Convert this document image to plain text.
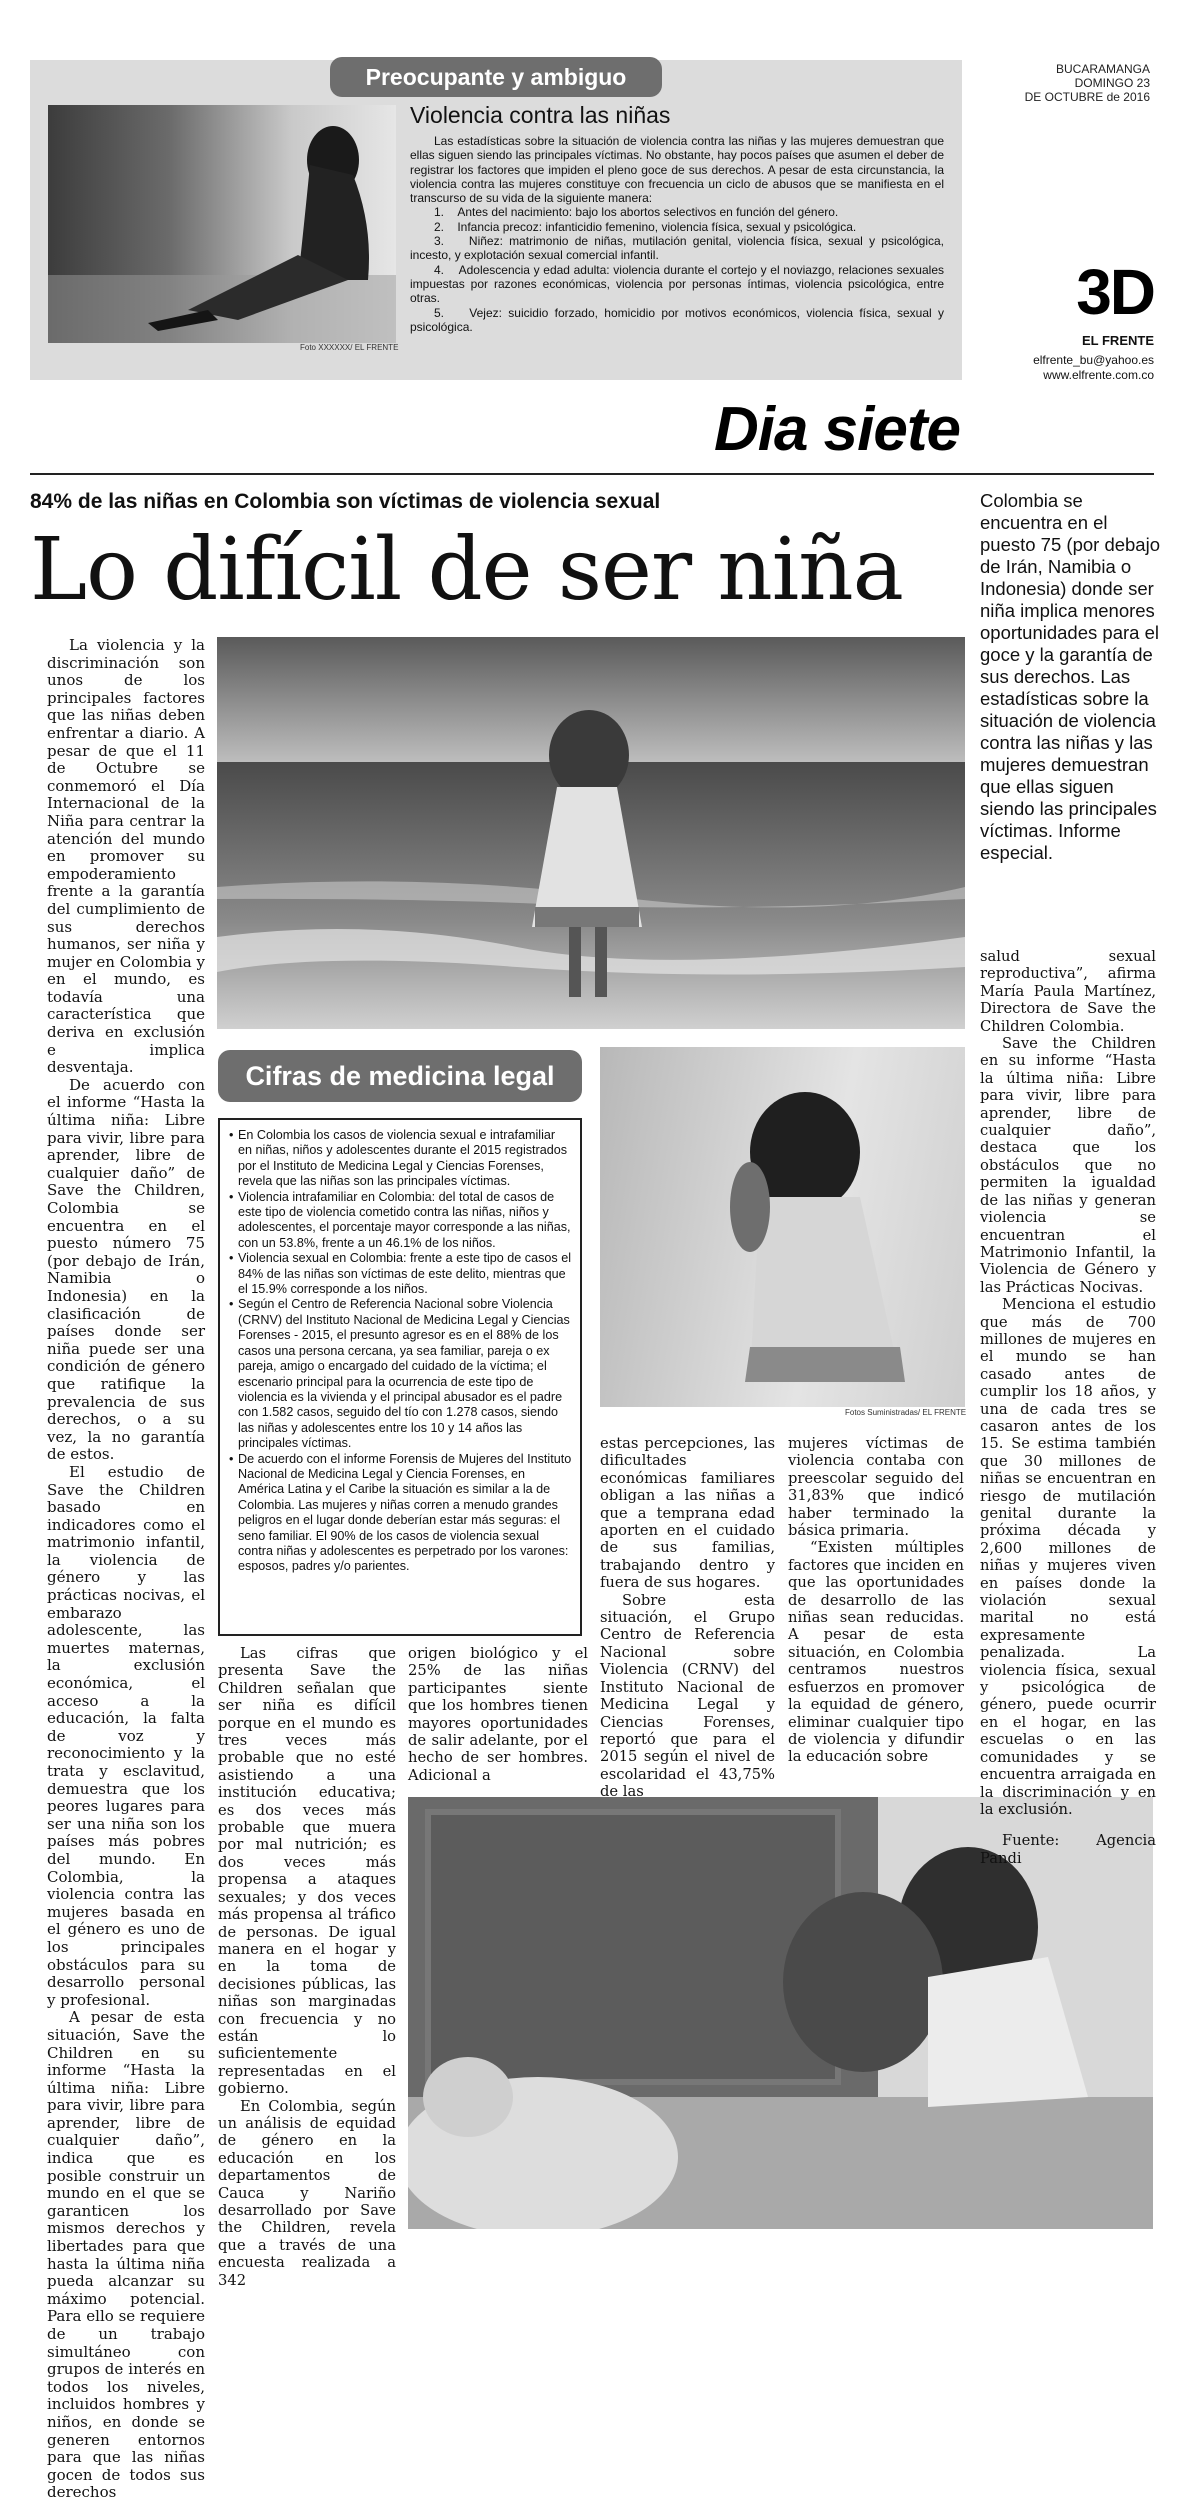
Preocupante y ambiguo
Foto XXXXXX/ EL FRENTE
Violencia contra las niñas
Las estadísticas sobre la situación de violencia contra las niñas y las mujeres demuestran que ellas siguen siendo las principales víctimas. No obstante, hay pocos países que asumen el deber de registrar los factores que impiden el pleno goce de sus derechos. A pesar de esta circunstancia, la violencia contra las mujeres constituye con frecuencia un ciclo de abusos que se manifiesta en el transcurso de su vida de la siguiente manera:
1.    Antes del nacimiento: bajo los abortos selectivos en función del género.
2.    Infancia precoz: infanticidio femenino, violencia física, sexual y psicológica.
3.    Niñez: matrimonio de niñas, mutilación genital, violencia física, sexual y psicológica, incesto, y explotación sexual comercial infantil.
4.    Adolescencia y edad adulta: violencia durante el cortejo y el noviazgo, relaciones sexuales impuestas por razones económicas, violencia por personas íntimas, violencia psicológica, entre otras.
5.    Vejez: suicidio forzado, homicidio por motivos económicos, violencia física, sexual y psicológica.
BUCARAMANGA
DOMINGO 23
DE OCTUBRE de 2016
3D
EL FRENTE
elfrente_bu@yahoo.es
www.elfrente.com.co
Dia siete
84% de las niñas en Colombia son víctimas de violencia sexual
Lo difícil de ser niña
Colombia se encuentra en el puesto 75 (por debajo de Irán, Namibia o Indonesia) donde ser niña implica menores oportunidades para el goce y la garantía de sus derechos. Las estadísticas sobre la situación de violencia contra las niñas y las mujeres demuestran que ellas siguen siendo las principales víctimas. Informe especial.
Fotos Suministradas/ EL FRENTE

La violencia y la discriminación son unos de los principales factores que las niñas deben enfrentar a diario. A pesar de que el 11 de Octubre se conmemoró el Día Internacional de la Niña para centrar la atención del mundo en promover su empoderamiento frente a la garantía del cumplimiento de sus derechos humanos, ser niña y mujer en Colombia y en el mundo, es todavía una característica que deriva en exclusión e implica desventaja.

De acuerdo con el informe “Hasta la última niña: Libre para vivir, libre para aprender, libre de cualquier daño” de Save the Children, Colombia se encuentra en el puesto número 75 (por debajo de Irán, Namibia o Indonesia) en la clasificación de países donde ser niña puede ser una condición de género que ratifique la prevalencia de sus derechos, o a su vez, la no garantía de estos.

El estudio de Save the Children basado en indicadores como el matrimonio infantil, la violencia de género y las prácticas nocivas, el embarazo adolescente, las muertes maternas, la exclusión económica, el acceso a la educación, la falta de voz y reconocimiento y la trata y esclavitud, demuestra que los peores lugares para ser una niña son los países más pobres del mundo. En Colombia, la violencia contra las mujeres basada en el género es uno de los principales obstáculos para su desarrollo personal y profesional.

A pesar de esta situación, Save the Children en su informe “Hasta la última niña: Libre para vivir, libre para aprender, libre de cualquier daño”, indica que es posible construir un mundo en el que se garanticen los mismos derechos y libertades para que hasta la última niña pueda alcanzar su máximo potencial. Para ello se requiere de un trabajo simultáneo con grupos de interés en todos los niveles, incluidos hombres y niños, en donde se generen entornos para que las niñas gocen de todos sus derechos

Cifras de medicina legal
• En Colombia los casos de violencia sexual e intrafamiliar en niñas, niños y adolescentes durante el 2015 registrados por el Instituto de Medicina Legal y Ciencias Forenses, revela que las niñas son las principales víctimas.
• Violencia intrafamiliar en Colombia: del total de casos de este tipo de violencia cometido contra las niñas, niños y adolescentes, el porcentaje mayor corresponde a las niñas, con un 53.8%, frente a un 46.1% de los niños.
• Violencia sexual en Colombia: frente a este tipo de casos el 84% de las niñas son víctimas de este delito, mientras que el 15.9% corresponde a los niños.
• Según el Centro de Referencia Nacional sobre Violencia (CRNV) del Instituto Nacional de Medicina Legal y Ciencias Forenses - 2015, el presunto agresor es en el 88% de los casos una persona cercana, ya sea familiar, pareja o ex pareja, amigo o encargado del cuidado de la víctima; el escenario principal para la ocurrencia de este tipo de violencia es la vivienda y el principal abusador es el padre con 1.582 casos, seguido del tío con 1.278 casos, siendo las niñas y adolescentes entre los 10 y 14 años las principales víctimas.
• De acuerdo con el informe Forensis de Mujeres del Instituto Nacional de Medicina Legal y Ciencia Forenses, en América Latina y el Caribe la situación es similar a la de Colombia. Las mujeres y niñas corren a menudo grandes peligros en el lugar donde deberían estar más seguras: el seno familiar. El 90% de los casos de violencia sexual contra niñas y adolescentes es perpetrado por los varones: esposos, padres y/o parientes.

Las cifras que presenta Save the Children señalan que ser niña es difícil porque en el mundo es tres veces más probable que no esté asistiendo a una institución educativa; es dos veces más probable que muera por mal nutrición; es dos veces más propensa a ataques sexuales; y dos veces más propensa al tráfico de personas. De igual manera en el hogar y en la toma de decisiones públicas, las niñas son marginadas con frecuencia y no están lo suficientemente representadas en el gobierno.

En Colombia, según un análisis de equidad de género en la educación en los departamentos de Cauca y Nariño desarrollado por Save the Children, revela que a través de una encuesta realizada a 342

origen biológico y el 25% de las niñas participantes siente que los hombres tienen mayores oportunidades de salir adelante, por el hecho de ser hombres. Adicional a

estas percepciones, las dificultades económicas familiares obligan a las niñas a que a temprana edad aporten en el cuidado de sus familias, trabajando dentro y fuera de sus hogares.

Sobre esta situación, el Grupo Centro de Referencia Nacional sobre Violencia (CRNV) del Instituto Nacional de Medicina Legal y Ciencias Forenses, reportó que para el 2015 según el nivel de escolaridad el 43,75% de las

mujeres víctimas de violencia contaba con preescolar seguido del 31,83% que indicó haber terminado la básica primaria.

“Existen múltiples factores que inciden en que las oportunidades de desarrollo de las niñas sean reducidas. A pesar de esta situación, en Colombia centramos nuestros esfuerzos en promover la equidad de género, eliminar cualquier tipo de violencia y difundir la educación sobre

salud sexual reproductiva”, afirma María Paula Martínez, Directora de Save the Children Colombia.

Save the Children en su informe “Hasta la última niña: Libre para vivir, libre para aprender, libre de cualquier daño”, destaca que los obstáculos que no permiten la igualdad de las niñas y generan violencia se encuentran el Matrimonio Infantil, la Violencia de Género y las Prácticas Nocivas.

Menciona el estudio que más de 700 millones de mujeres en el mundo se han casado antes de cumplir los 18 años, y una de cada tres se casaron antes de los 15. Se estima también que 30 millones de niñas se encuentran en riesgo de mutilación genital durante la próxima década y 2,600 millones de niñas y mujeres viven en países donde la violación sexual marital no está expresamente penalizada. La violencia física, sexual y psicológica de género, puede ocurrir en el hogar, en las escuelas o en las comunidades y se encuentra arraigada en la discriminación y en la exclusión.

Fuente: Agencia Pandi
